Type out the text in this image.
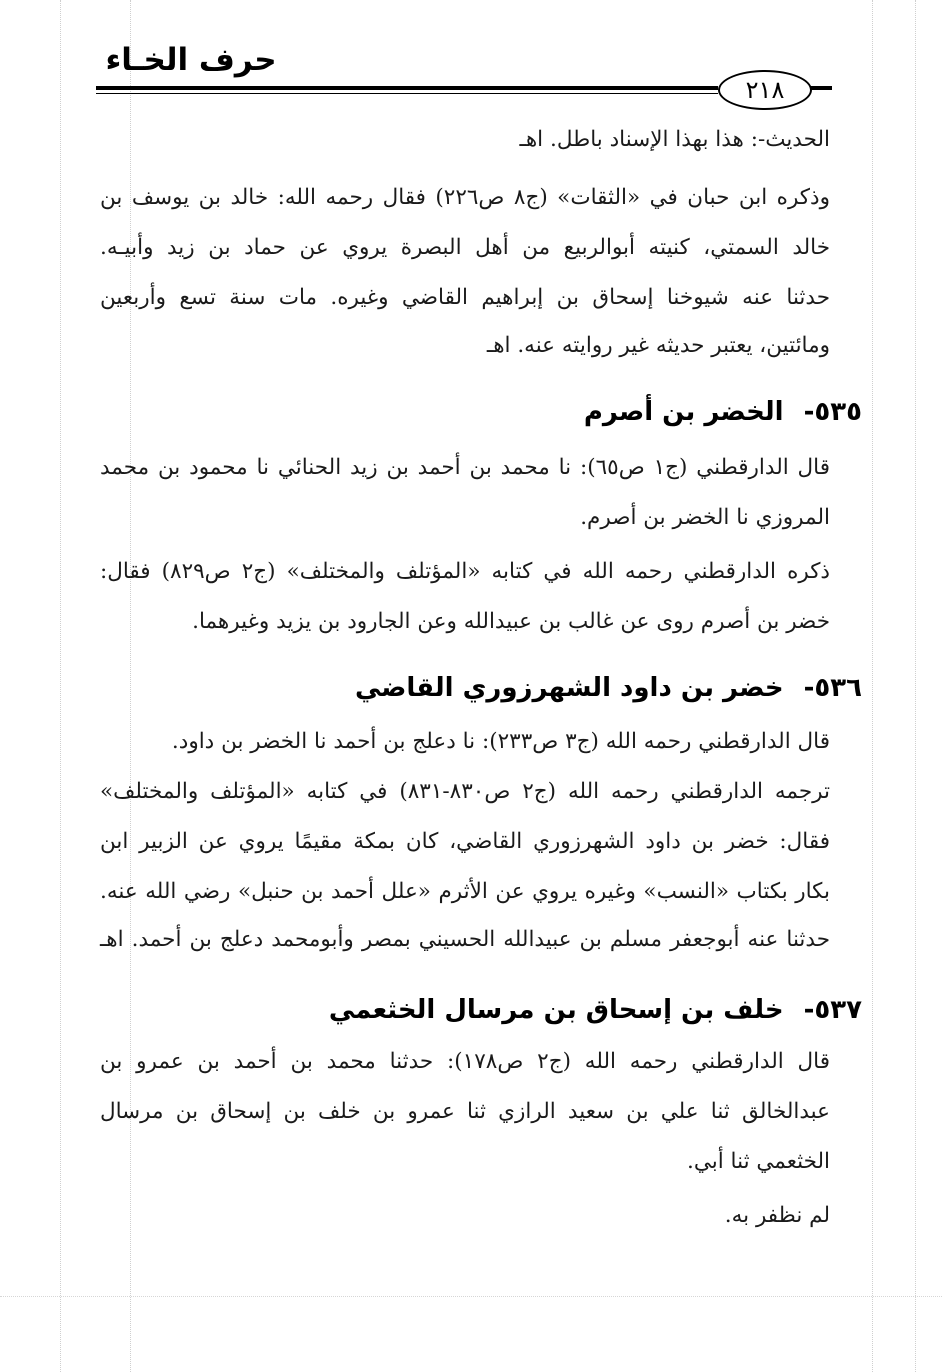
حرف الخـاء
٢١٨
الحديث-: هذا بهذا الإسناد باطل. اهـ
وذكره ابن حبان في «الثقات» (ج٨ ص٢٢٦) فقال رحمه الله: خالد بن يوسف بن
خالد السمتي، كنيته أبوالربيع من أهل البصرة يروي عن حماد بن زيد وأبيـه.
حدثنا عنه شيوخنا إسحاق بن إبراهيم القاضي وغيره. مات سنة تسع وأربعين
ومائتين، يعتبر حديثه غير روايته عنه. اهـ
٥٣٥-الخضر بن أصرم
قال الدارقطني (ج١ ص٦٥): نا محمد بن أحمد بن زيد الحنائي نا محمود بن محمد
المروزي نا الخضر بن أصرم.
ذكره الدارقطني رحمه الله في كتابه «المؤتلف والمختلف» (ج٢ ص٨٢٩) فقال:
خضر بن أصرم روى عن غالب بن عبيدالله وعن الجارود بن يزيد وغيرهما.
٥٣٦-خضر بن داود الشهرزوري القاضي
قال الدارقطني رحمه الله (ج٣ ص٢٣٣): نا دعلج بن أحمد نا الخضر بن داود.
ترجمه الدارقطني رحمه الله (ج٢ ص٨٣٠-٨٣١) في كتابه «المؤتلف والمختلف»
فقال: خضر بن داود الشهرزوري القاضي، كان بمكة مقيمًا يروي عن الزبير ابن
بكار بكتاب «النسب» وغيره يروي عن الأثرم «علل أحمد بن حنبل» رضي الله عنه.
حدثنا عنه أبوجعفر مسلم بن عبيدالله الحسيني بمصر وأبومحمد دعلج بن أحمد. اهـ
٥٣٧-خلف بن إسحاق بن مرسال الخثعمي
قال الدارقطني رحمه الله (ج٢ ص١٧٨): حدثنا محمد بن أحمد بن عمرو بن
عبدالخالق ثنا علي بن سعيد الرازي ثنا عمرو بن خلف بن إسحاق بن مرسال
الخثعمي ثنا أبي.
لم نظفر به.
